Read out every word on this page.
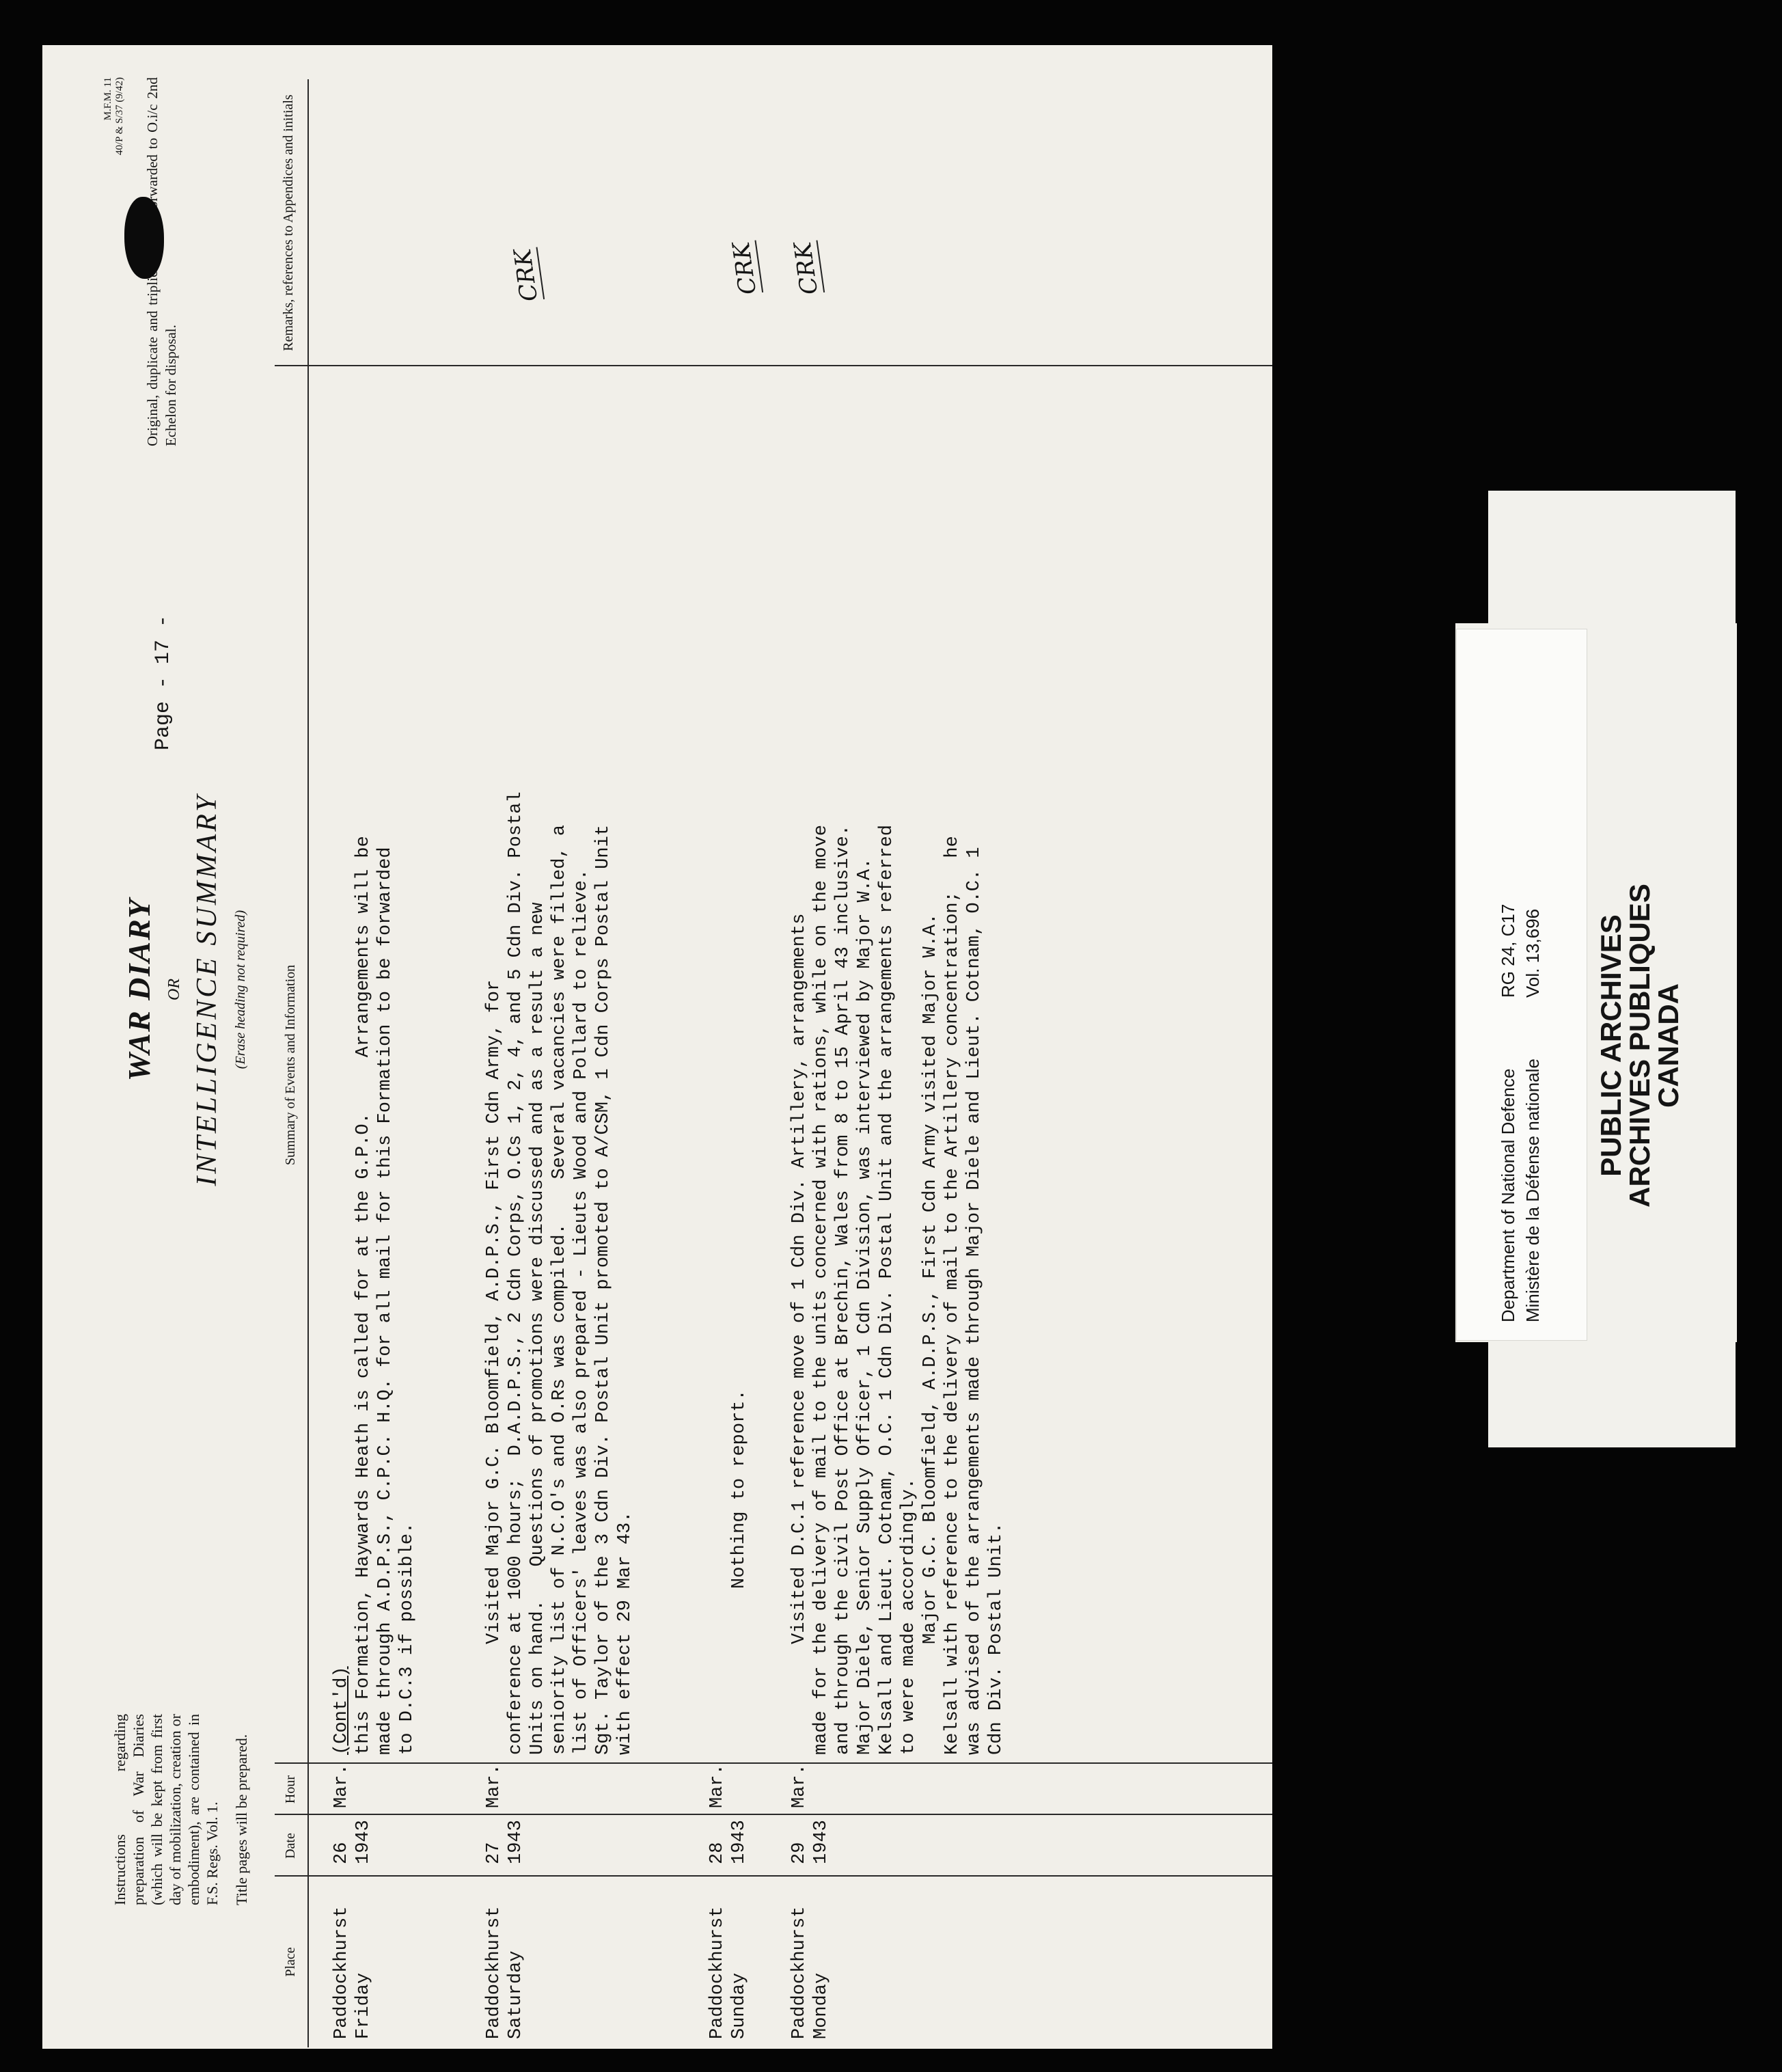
Instructions regarding preparation of War Diaries (which will be kept from first day of mobilization, creation or embodiment), are contained in F.S. Regs. Vol. 1. Title pages will be prepared.
WAR DIARY OR INTELLIGENCE SUMMARY (Erase heading not required)
Page- 17 -
M.F.M. 11 40/P & S/37 (9/42)
Original, duplicate and triplicate forwarded to O.i/c 2nd Echelon for disposal.
Place
Date
Hour
Summary of Events and Information
Remarks, references to Appendices and initials
Paddockhurst Friday
26 1943
Mar.
(Cont'd) this Formation, Haywards Heath is called for at the G.P.O.     Arrangements will be
made through A.D.P.S., C.P.C. H.Q. for all mail for this Formation to be forwarded
to D.C.3 if possible.
Paddockhurst Saturday
27 1943
Mar.
Visited Major G.C. Bloomfield, A.D.P.S., First Cdn Army, for
conference at 1000 hours;  D.A.D.P.S., 2 Cdn Corps, O.Cs 1, 2, 4, and 5 Cdn Div. Postal
Units on hand.   Questions of promotions were discussed and as a result a new
seniority list of N.C.O's and O.Rs was compiled.    Several vacancies were filled, a
list of Officers' leaves was also prepared - Lieuts Wood and Pollard to relieve.
Sgt. Taylor of the 3 Cdn Div. Postal Unit promoted to A/CSM, 1 Cdn Corps Postal Unit
with effect 29 Mar 43.
CRK
Paddockhurst Sunday
28 1943
Mar.
Nothing to report.
CRK
Paddockhurst Monday
29 1943
Mar.
Visited D.C.1 reference move of 1 Cdn Div. Artillery, arrangements
made for the delivery of mail to the units concerned with rations, while on the move
and through the civil Post Office at Brechin, Wales from 8 to 15 April 43 inclusive.
Major Diele, Senior Supply Officer, 1 Cdn Division, was interviewed by Major W.A.
Kelsall and Lieut. Cotnam, O.C. 1 Cdn Div. Postal Unit and the arrangements referred
to were made accordingly.
Major G.C. Bloomfield, A.D.P.S., First Cdn Army visited Major W.A.
Kelsall with reference to the delivery of mail to the Artillery concentration;   he
was advised of the arrangements made through Major Diele and Lieut. Cotnam, O.C. 1
Cdn Div. Postal Unit.
CRK
Department of National Defence Ministère de la Défense nationale
RG 24, C17 Vol. 13,696 PUBLIC ARCHIVES
ARCHIVES PUBLIQUES
CANADA
